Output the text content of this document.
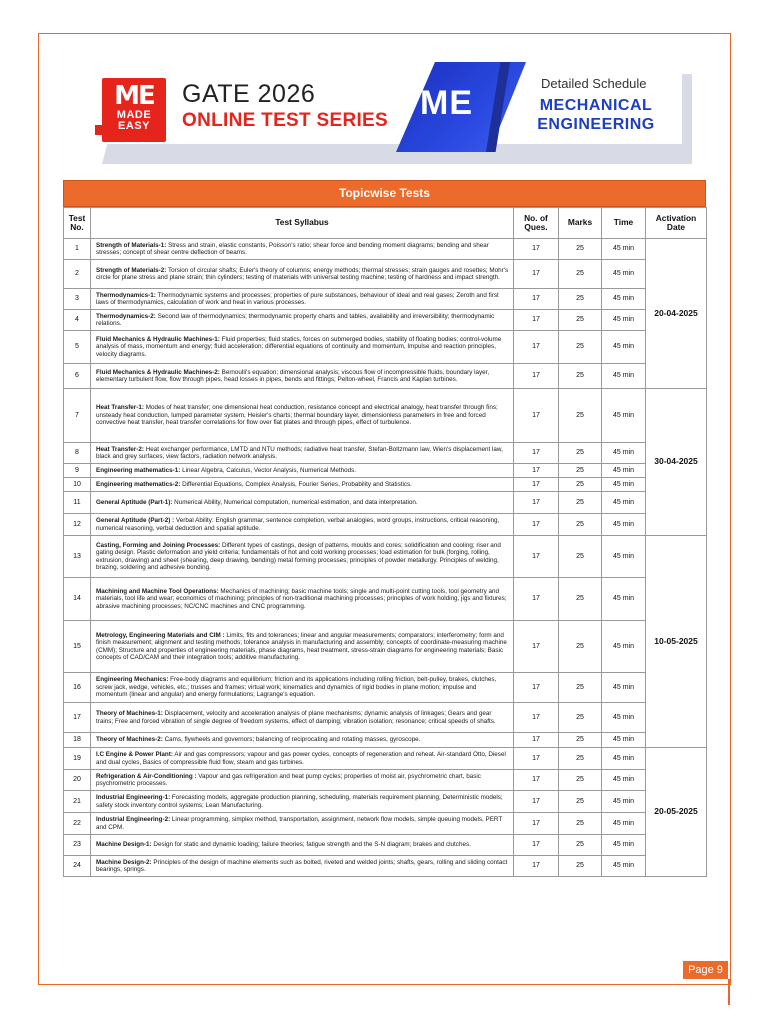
ME
MADE
EASY
GATE 2026
ONLINE TEST SERIES ME
Detailed Schedule
MECHANICAL
ENGINEERING
Topicwise Tests
Test No.	Test Syllabus	No. of Ques.	Marks	Time	Activation Date
1	Strength of Materials-1: Stress and strain, elastic constants, Poisson's ratio; shear force and bending moment diagrams; bending and shear stresses; concept of shear centre deflection of beams.	17	25	45 min	20-04-2025
2	Strength of Materials-2: Torsion of circular shafts; Euler's theory of columns; energy methods; thermal stresses; strain gauges and rosettes; Mohr's circle for plane stress and plane strain; thin cylinders; testing of materials with universal testing machine; testing of hardness and impact strength.	17	25	45 min	
3	Thermodynamics-1: Thermodynamic systems and processes; properties of pure substances, behaviour of ideal and real gases; Zeroth and first laws of thermodynamics, calculation of work and heat in various processes.	17	25	45 min	
4	Thermodynamics-2: Second law of thermodynamics; thermodynamic property charts and tables, availability and irreversibility; thermodynamic relations.	17	25	45 min	
5	Fluid Mechanics & Hydraulic Machines-1: Fluid properties; fluid statics, forces on submerged bodies, stability of floating bodies; control-volume analysis of mass, momentum and energy; fluid acceleration; differential equations of continuity and momentum, Impulse and reaction principles, velocity diagrams.	17	25	45 min	
6	Fluid Mechanics & Hydraulic Machines-2: Bernoulli's equation; dimensional analysis; viscous flow of incompressible fluids, boundary layer, elementary turbulent flow, flow through pipes, head losses in pipes, bends and fittings; Pelton-wheel, Francis and Kaplan turbines.	17	25	45 min	
7	Heat Transfer-1: Modes of heat transfer; one dimensional heat conduction, resistance concept and electrical analogy, heat transfer through fins; unsteady heat conduction, lumped parameter system, Heisler's charts; thermal boundary layer, dimensionless parameters in free and forced convective heat transfer, heat transfer correlations for flow over flat plates and through pipes, effect of turbulence.	17	25	45 min	30-04-2025
8	Heat Transfer-2: Heat exchanger performance, LMTD and NTU methods; radiative heat transfer, Stefan-Boltzmann law, Wien's displacement law, black and grey surfaces, view factors, radiation network analysis.	17	25	45 min	
9	Engineering mathematics-1: Linear Algebra, Calculus, Vector Analysis, Numerical Methods.	17	25	45 min	
10	Engineering mathematics-2: Differential Equations, Complex Analysis, Fourier Series, Probability and Statistics.	17	25	45 min	
11	General Aptitude (Part-1): Numerical Ability, Numerical computation, numerical estimation, and data interpretation.	17	25	45 min	
12	General Aptitude (Part-2) : Verbal Ability: English grammar, sentence completion, verbal analogies, word groups, instructions, critical reasoning, numerical reasoning, verbal deduction and spatial aptitude.	17	25	45 min	
13	Casting, Forming and Joining Processes: Different types of castings, design of patterns, moulds and cores; solidification and cooling; riser and gating design. Plastic deformation and yield criteria; fundamentals of hot and cold working processes; load estimation for bulk (forging, rolling, extrusion, drawing) and sheet (shearing, deep drawing, bending) metal forming processes; principles of powder metallurgy. Principles of welding, brazing, soldering and adhesive bonding.	17	25	45 min	10-05-2025
14	Machining and Machine Tool Operations: Mechanics of machining; basic machine tools; single and multi-point cutting tools, tool geometry and materials, tool life and wear; economics of machining; principles of non-traditional machining processes; principles of work holding, jigs and fixtures; abrasive machining processes; NC/CNC machines and CNC programming.	17	25	45 min	
15	Metrology, Engineering Materials and CIM : Limits, fits and tolerances; linear and angular measurements; comparators; interferometry; form and finish measurement; alignment and testing methods; tolerance analysis in manufacturing and assembly; concepts of coordinate-measuring machine (CMM); Structure and properties of engineering materials, phase diagrams, heat treatment, stress-strain diagrams for engineering materials; Basic concepts of CAD/CAM and their integration tools; additive manufacturing.	17	25	45 min	
16	Engineering Mechanics: Free-body diagrams and equilibrium; friction and its applications including rolling friction, belt-pulley, brakes, clutches, screw jack, wedge, vehicles, etc.; trusses and frames; virtual work; kinematics and dynamics of rigid bodies in plane motion; impulse and momentum (linear and angular) and energy formulations; Lagrange's equation.	17	25	45 min	
17	Theory of Machines-1: Displacement, velocity and acceleration analysis of plane mechanisms; dynamic analysis of linkages; Gears and gear trains; Free and forced vibration of single degree of freedom systems, effect of damping; vibration isolation; resonance; critical speeds of shafts.	17	25	45 min	
18	Theory of Machines-2: Cams, flywheels and governors; balancing of reciprocating and rotating masses, gyroscope.	17	25	45 min	
19	I.C Engine & Power Plant: Air and gas compressors; vapour and gas power cycles, concepts of regeneration and reheat. Air-standard Otto, Diesel and dual cycles, Basics of compressible fluid flow, steam and gas turbines.	17	25	45 min	20-05-2025
20	Refrigeration & Air-Conditioning : Vapour and gas refrigeration and heat pump cycles; properties of moist air, psychrometric chart, basic psychrometric processes.	17	25	45 min	
21	Industrial Engineering-1: Forecasting models, aggregate production planning, scheduling, materials requirement planning; Deterministic models; safety stock inventory control systems; Lean Manufacturing.	17	25	45 min	
22	Industrial Engineering-2: Linear programming, simplex method, transportation, assignment, network flow models, simple queuing models, PERT and CPM.	17	25	45 min	
23	Machine Design-1: Design for static and dynamic loading; failure theories; fatigue strength and the S-N diagram; brakes and clutches.	17	25	45 min	
24	Machine Design-2: Principles of the design of machine elements such as bolted, riveted and welded joints; shafts, gears, rolling and sliding contact bearings, springs.	17	25	45 min	
Page 9
